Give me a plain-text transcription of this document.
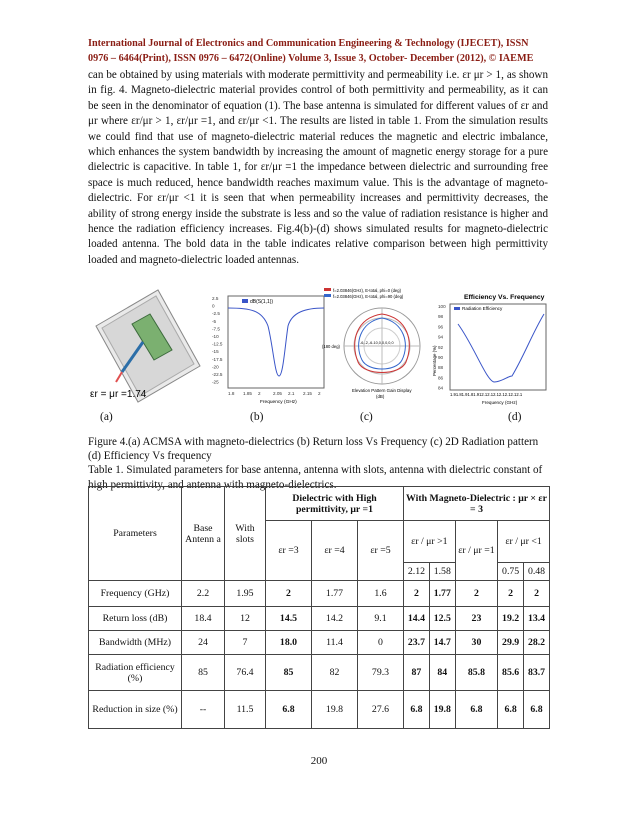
International Journal of Electronics and Communication Engineering & Technology (IJECET), ISSN 0976 – 6464(Print), ISSN 0976 – 6472(Online) Volume 3, Issue 3, October- December (2012), © IAEME
can be obtained by using materials with moderate permittivity and permeability i.e. εr μr > 1, as shown in fig. 4. Magneto-dielectric material provides control of both permittivity and permeability, as it can be seen in the denominator of equation (1). The base antenna is simulated for different values of εr and μr where εr/μr > 1, εr/μr =1, and εr/μr <1. The results are listed in table 1. From the simulation results we could find that use of magneto-dielectric material reduces the magnetic and electric imbalance, which enhances the system bandwidth by increasing the amount of magnetic energy storage for a pure dielectric is capacitive. In table 1, for εr/μr =1 the impedance between dielectric and surrounding free space is much reduced, hence bandwidth reaches maximum value. This is the advantage of magneto-dielectric. For εr/μr <1 it is seen that when permeability increases and permittivity decreases, the ability of strong energy inside the substrate is less and so the value of radiation resistance is higher and hence the radiation efficiency increases. Fig.4(b)-(d) shows simulated results for magneto-dielectric loaded antenna. The bold data in the table indicates relative comparison between high permittivity loaded and magneto-dielectric loaded antennas.
εr = μr =1.74
dB(S(1,1))
2.5
0
-2.5
-5
-7.5
-10
-12.5
-15
-17.5
-20
-22.5
-25
1.8 1.85 2	2.05 2.1 2.15 2
Frequency (GHz)
f=2.03846(GHz), E-total, phi=0 (deg)
f=2.03846(GHz), E-total, phi=90 (deg)
-6,-2,-6-10,0,0,0,0,0
(180 deg)
Elevation Pattern Gain Display
(dB)
Efficiency Vs. Frequency
Radiation Efficiency
100
98
96
94
92
90
88
86
84
Percentage (%)
1.91.81.91.81.912.12.12.12.12.12.12.1
Frequency (GHz)
(a)	(b)	(c)	(d)
Figure 4.(a) ACMSA with magneto-dielectrics (b) Return loss Vs Frequency (c) 2D Radiation pattern (d) Efficiency Vs frequency
Table 1. Simulated parameters for base antenna, antenna with slots, antenna with dielectric constant of high permittivity, and antenna with magneto-dielectrics.
Parameters	Base Antenn a	With slots	Dielectric with High permittivity, μr =1			With Magneto-Dielectric : μr × εr = 3				
			εr =3	εr =4	εr =5	εr / μr >1		εr / μr =1	εr / μr <1	
						2.12	1.58		0.75	0.48
Frequency (GHz)	2.2	1.95	2	1.77	1.6	2	1.77	2	2	2
Return loss (dB)	18.4	12	14.5	14.2	9.1	14.4	12.5	23	19.2	13.4
Bandwidth (MHz)	24	7	18.0	11.4	0	23.7	14.7	30	29.9	28.2
Radiation efficiency (%)	85	76.4	85	82	79.3	87	84	85.8	85.6	83.7
Reduction in size (%)	--	11.5	6.8	19.8	27.6	6.8	19.8	6.8	6.8	6.8
200
